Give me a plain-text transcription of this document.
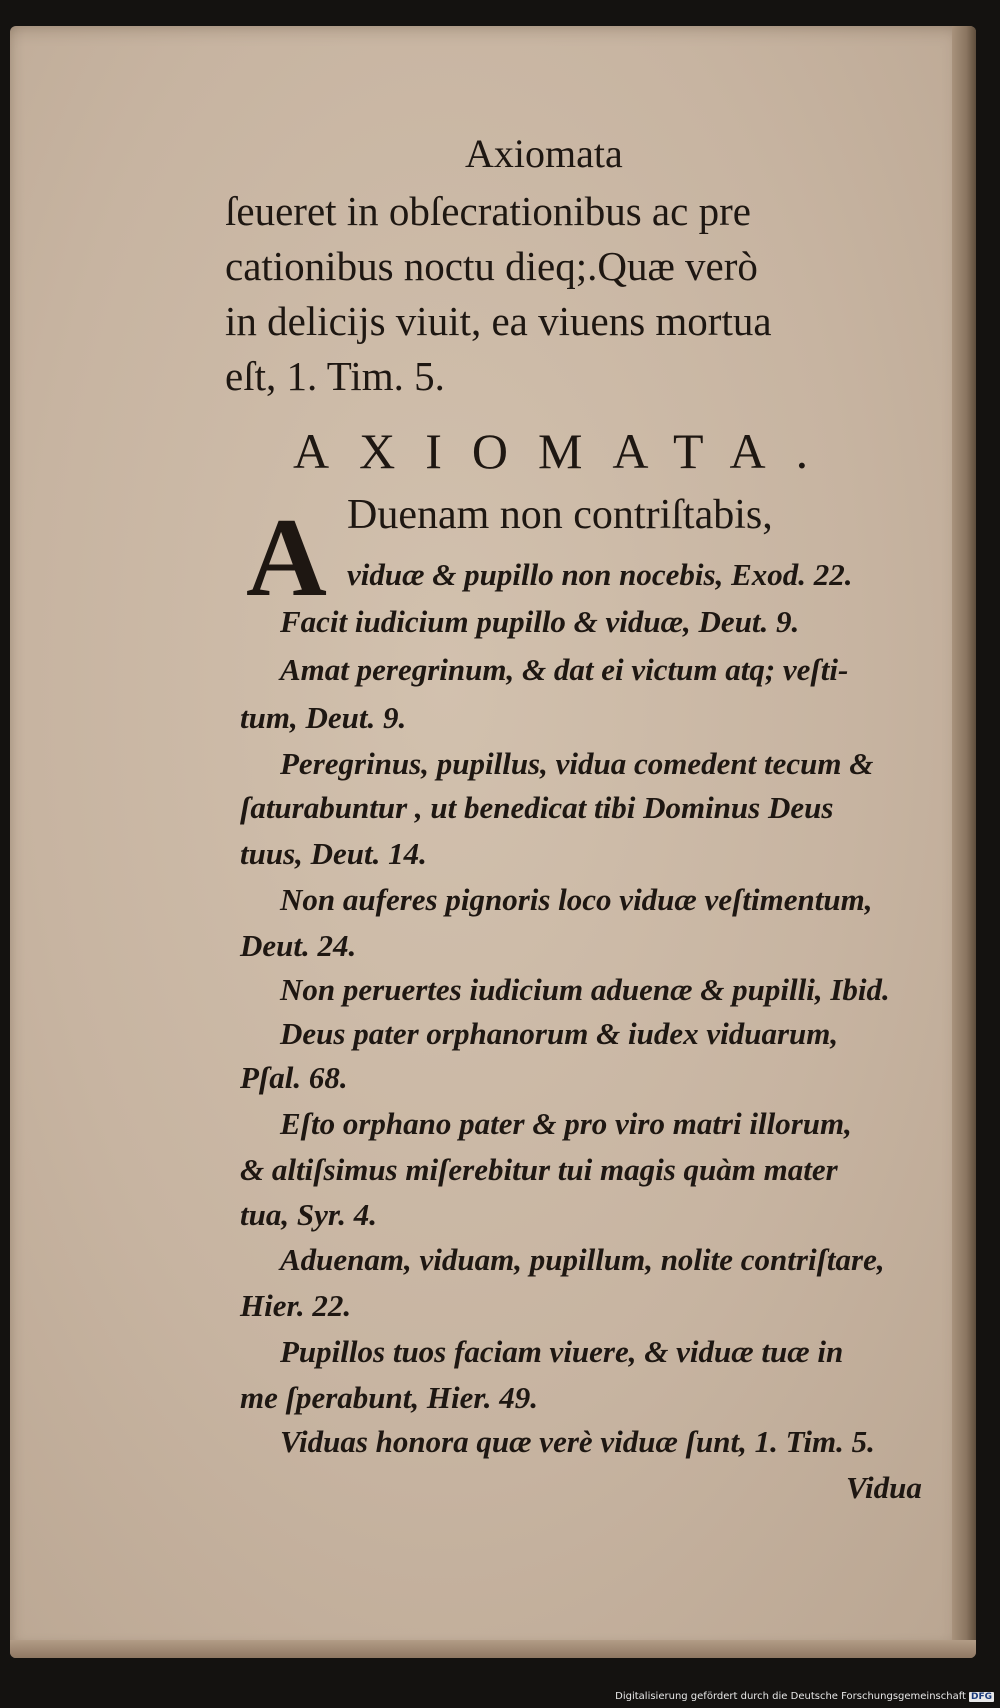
Axiomata
ſeueret in obſecrationibus ac pre
cationibus noctu dieq;.Quæ verò
in delicijs viuit, ea viuens mortua
eſt, 1. Tim. 5.
AXIOMATA.
A Duenam non contriſtabis,
viduæ & pupillo non nocebis, Exod. 22.
Facit iudicium pupillo & viduæ, Deut. 9.
Amat peregrinum, & dat ei victum atq; veſti-
tum, Deut. 9.
Peregrinus, pupillus, vidua comedent tecum &
ſaturabuntur , ut benedicat tibi Dominus Deus
tuus, Deut. 14.
Non auferes pignoris loco viduæ veſtimentum,
Deut. 24.
Non peruertes iudicium aduenæ & pupilli, Ibid.
Deus pater orphanorum & iudex viduarum,
Pſal. 68.
Eſto orphano pater & pro viro matri illorum,
& altiſsimus miſerebitur tui magis quàm mater
tua, Syr. 4.
Aduenam, viduam, pupillum, nolite contriſtare,
Hier. 22.
Pupillos tuos faciam viuere, & viduæ tuæ in
me ſperabunt, Hier. 49.
Viduas honora quæ verè viduæ ſunt, 1. Tim. 5.
Vidua
Digitalisierung gefördert durch die Deutsche Forschungsgemeinschaft DFG
